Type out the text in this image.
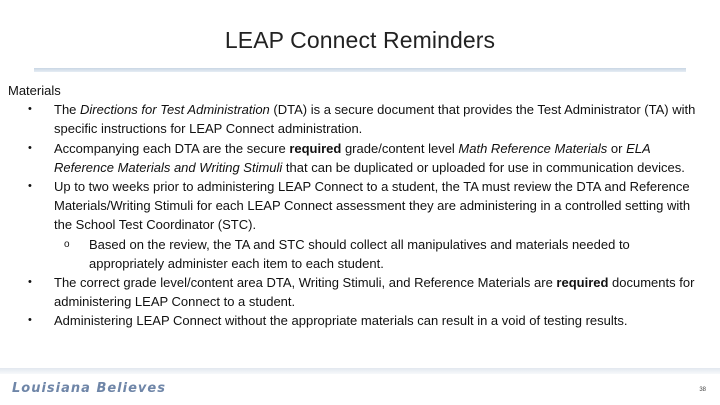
LEAP Connect Reminders
Materials
• The Directions for Test Administration (DTA) is a secure document that provides the Test Administrator (TA) with specific instructions for LEAP Connect administration.
• Accompanying each DTA are the secure required grade/content level Math Reference Materials or ELA Reference Materials and Writing Stimuli that can be duplicated or uploaded for use in communication devices.
• Up to two weeks prior to administering LEAP Connect to a student, the TA must review the DTA and Reference Materials/Writing Stimuli for each LEAP Connect assessment they are administering in a controlled setting with the School Test Coordinator (STC).
o Based on the review, the TA and STC should collect all manipulatives and materials needed to appropriately administer each item to each student.
• The correct grade level/content area DTA, Writing Stimuli, and Reference Materials are required documents for administering LEAP Connect to a student.
• Administering LEAP Connect without the appropriate materials can result in a void of testing results.
Louisiana Believes	38
